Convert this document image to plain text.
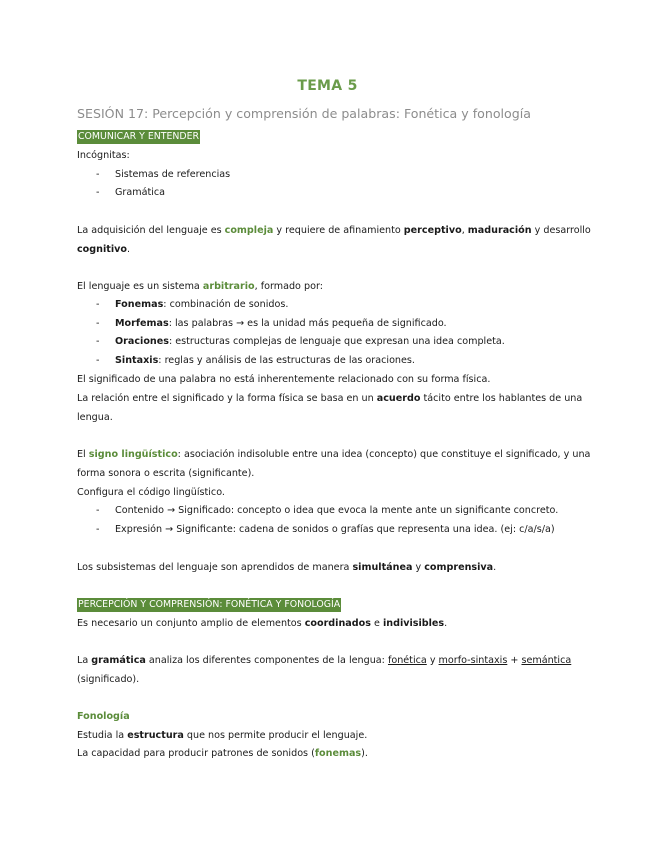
TEMA 5
SESIÓN 17: Percepción y comprensión de palabras: Fonética y fonología
COMUNICAR Y ENTENDER
Incógnitas:
- Sistemas de referencias
- Gramática
La adquisición del lenguaje es compleja y requiere de afinamiento perceptivo, maduración y desarrollo
cognitivo.
El lenguaje es un sistema arbitrario, formado por:
- Fonemas: combinación de sonidos.
- Morfemas: las palabras → es la unidad más pequeña de significado.
- Oraciones: estructuras complejas de lenguaje que expresan una idea completa.
- Sintaxis: reglas y análisis de las estructuras de las oraciones.
El significado de una palabra no está inherentemente relacionado con su forma física.
La relación entre el significado y la forma física se basa en un acuerdo tácito entre los hablantes de una
lengua.
El signo lingüístico: asociación indisoluble entre una idea (concepto) que constituye el significado, y una
forma sonora o escrita (significante).
Configura el código lingüístico.
- Contenido → Significado: concepto o idea que evoca la mente ante un significante concreto.
- Expresión → Significante: cadena de sonidos o grafías que representa una idea. (ej: c/a/s/a)
Los subsistemas del lenguaje son aprendidos de manera simultánea y comprensiva.
PERCEPCIÓN Y COMPRENSIÓN: FONÉTICA Y FONOLOGÍA
Es necesario un conjunto amplio de elementos coordinados e indivisibles.
La gramática analiza los diferentes componentes de la lengua: fonética y morfo-sintaxis + semántica
(significado).
Fonología
Estudia la estructura que nos permite producir el lenguaje.
La capacidad para producir patrones de sonidos (fonemas).
